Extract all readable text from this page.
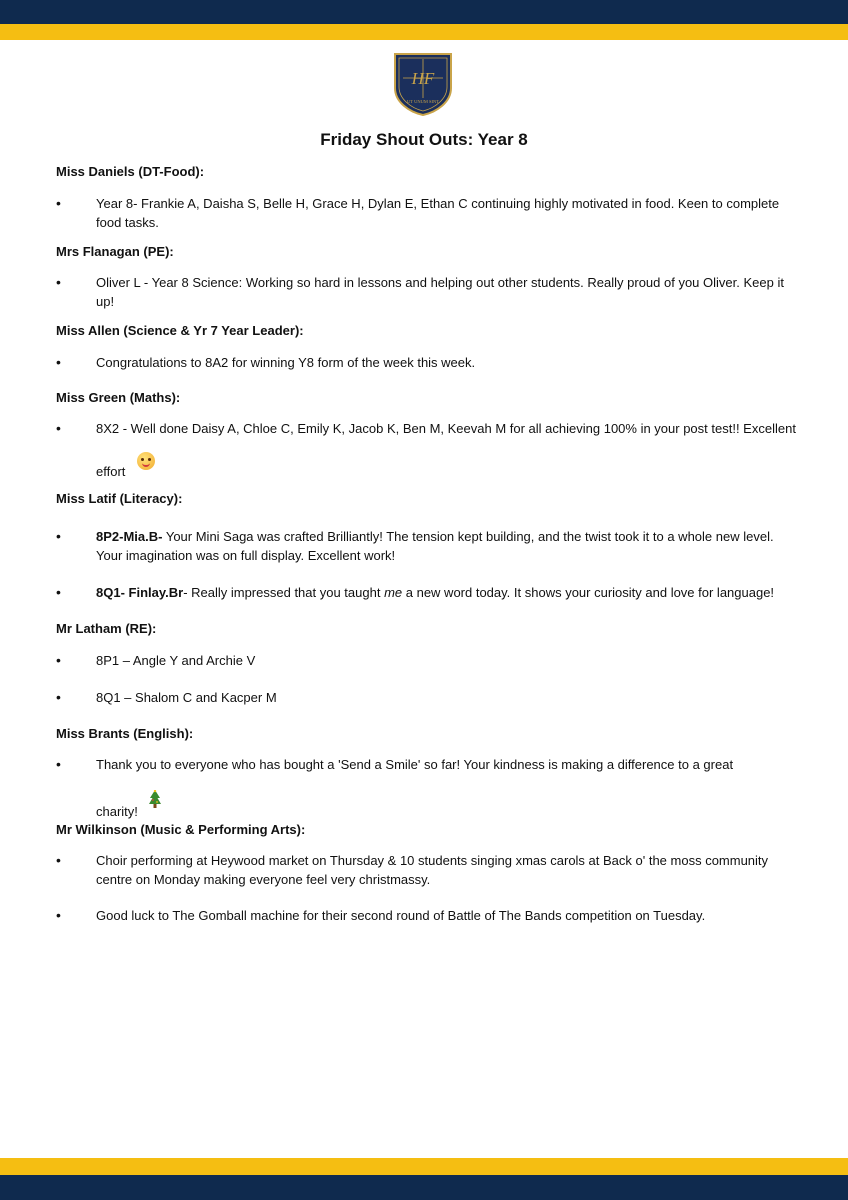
HF
UT UNUM SINT
Friday Shout Outs: Year 8
Miss Daniels (DT-Food):
•	Year 8- Frankie A, Daisha S, Belle H, Grace H, Dylan E, Ethan C continuing highly motivated in food. Keen to complete food tasks.
Mrs Flanagan (PE):
•	Oliver L - Year 8 Science: Working so hard in lessons and helping out other students. Really proud of you Oliver. Keep it up!
Miss Allen (Science & Yr 7 Year Leader):
•	Congratulations to 8A2 for winning Y8 form of the week this week.
Miss Green (Maths):
•	8X2 - Well done Daisy A, Chloe C, Emily K, Jacob K, Ben M, Keevah M for all achieving 100% in your post test!! Excellent
effort
Miss Latif (Literacy):
•	8P2-Mia.B- Your Mini Saga was crafted Brilliantly! The tension kept building, and the twist took it to a whole new level. Your imagination was on full display. Excellent work!
•	8Q1- Finlay.Br- Really impressed that you taught me a new word today. It shows your curiosity and love for language!
Mr Latham (RE):
•	8P1 – Angle Y and Archie V
•	8Q1 – Shalom C and Kacper M
Miss Brants (English):
•	Thank you to everyone who has bought a 'Send a Smile' so far! Your kindness is making a difference to a great
charity!
Mr Wilkinson (Music & Performing Arts):
•	Choir performing at Heywood market on Thursday & 10 students singing xmas carols at Back o' the moss community centre on Monday making everyone feel very christmassy.
•	Good luck to The Gomball machine for their second round of Battle of The Bands competition on Tuesday.
